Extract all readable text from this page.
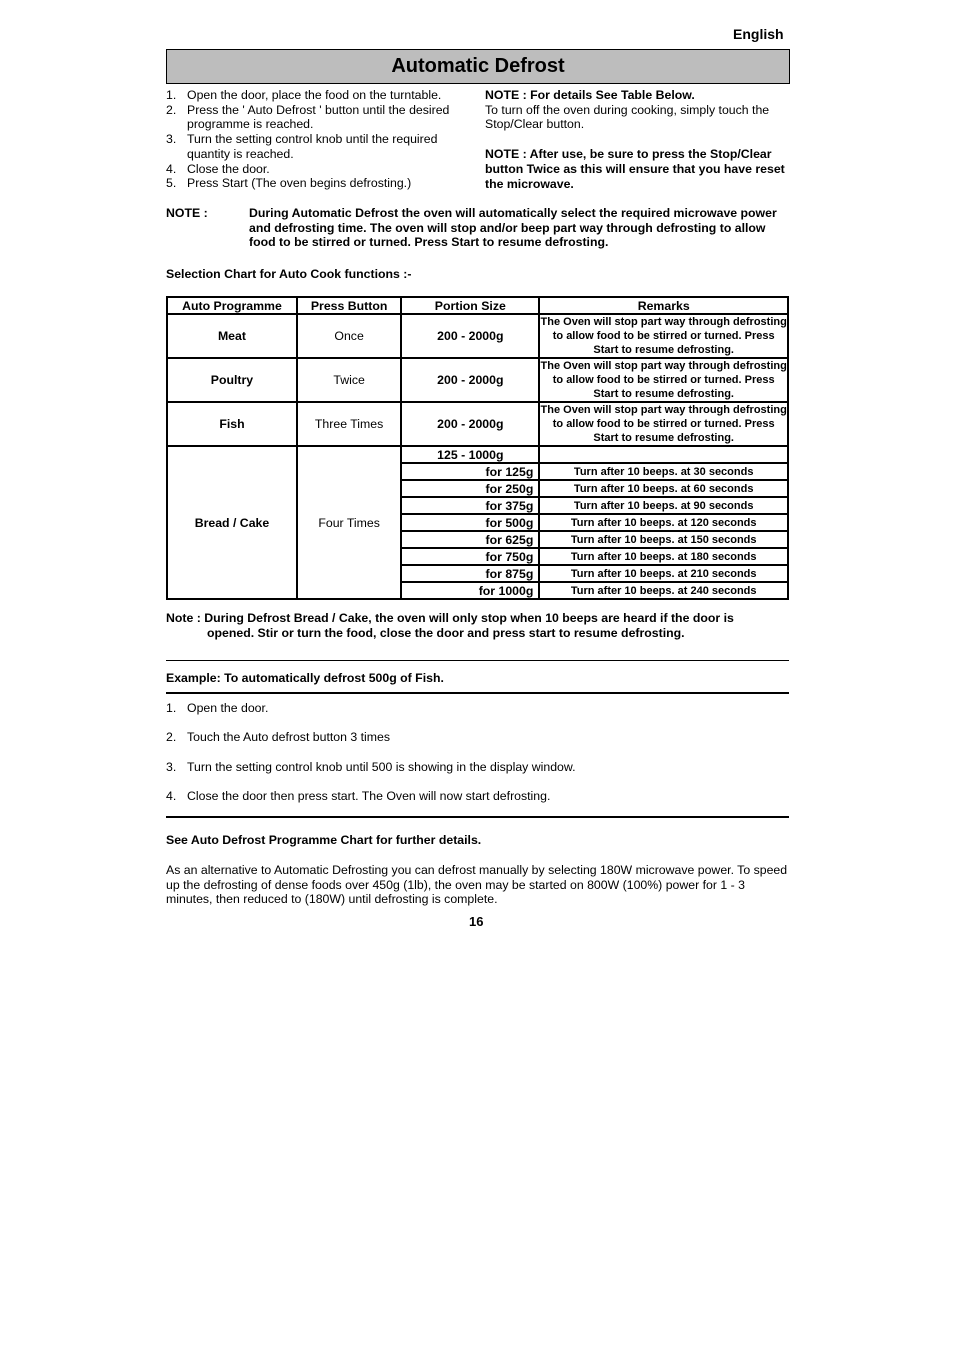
English
Automatic Defrost
1. Open the door, place the food on the turntable.
2. Press the ' Auto Defrost ' button until the desired programme is reached.
3. Turn the setting control knob until the required quantity is reached.
4. Close the door.
5. Press Start (The oven begins defrosting.)
NOTE : For details See Table Below.
To turn off the oven during cooking, simply touch the Stop/Clear button.
NOTE : After use, be sure to press the Stop/Clear button Twice as this will ensure that you have reset the microwave.
NOTE :	During Automatic Defrost the oven will automatically select the required microwave power and defrosting time. The oven will stop and/or beep part way through defrosting to allow food to be stirred or turned. Press Start to resume defrosting.
Selection Chart for Auto Cook functions :-
Auto Programme	Press Button	Portion Size	Remarks
Meat	Once	200 - 2000g	The Oven will stop part way through defrosting to allow food to be stirred or turned. Press Start to resume defrosting.
Poultry	Twice	200 - 2000g	The Oven will stop part way through defrosting to allow food to be stirred or turned. Press Start to resume defrosting.
Fish	Three Times	200 - 2000g	The Oven will stop part way through defrosting to allow food to be stirred or turned. Press Start to resume defrosting.
Bread / Cake	Four Times	125 - 1000g	
		for 125g	Turn after 10 beeps. at 30 seconds
		for 250g	Turn after 10 beeps. at 60 seconds
		for 375g	Turn after 10 beeps. at 90 seconds
		for 500g	Turn after 10 beeps. at 120 seconds
		for 625g	Turn after 10 beeps. at 150 seconds
		for 750g	Turn after 10 beeps. at 180 seconds
		for 875g	Turn after 10 beeps. at 210 seconds
		for 1000g	Turn after 10 beeps. at 240 seconds
Note : During Defrost Bread / Cake, the oven will only stop when 10 beeps are heard if the door is
opened. Stir or turn the food, close the door and press start to resume defrosting.
Example: To automatically defrost 500g of Fish.
1. Open the door.
2. Touch the Auto defrost button 3 times
3. Turn the setting control knob until 500 is showing in the display window.
4. Close the door then press start. The Oven will now start defrosting.
See Auto Defrost Programme Chart for further details.
As an alternative to Automatic Defrosting you can defrost manually by selecting 180W microwave power. To speed up the defrosting of dense foods over 450g (1lb), the oven may be started on 800W (100%) power for 1 - 3 minutes, then reduced to (180W) until defrosting is complete.
16
